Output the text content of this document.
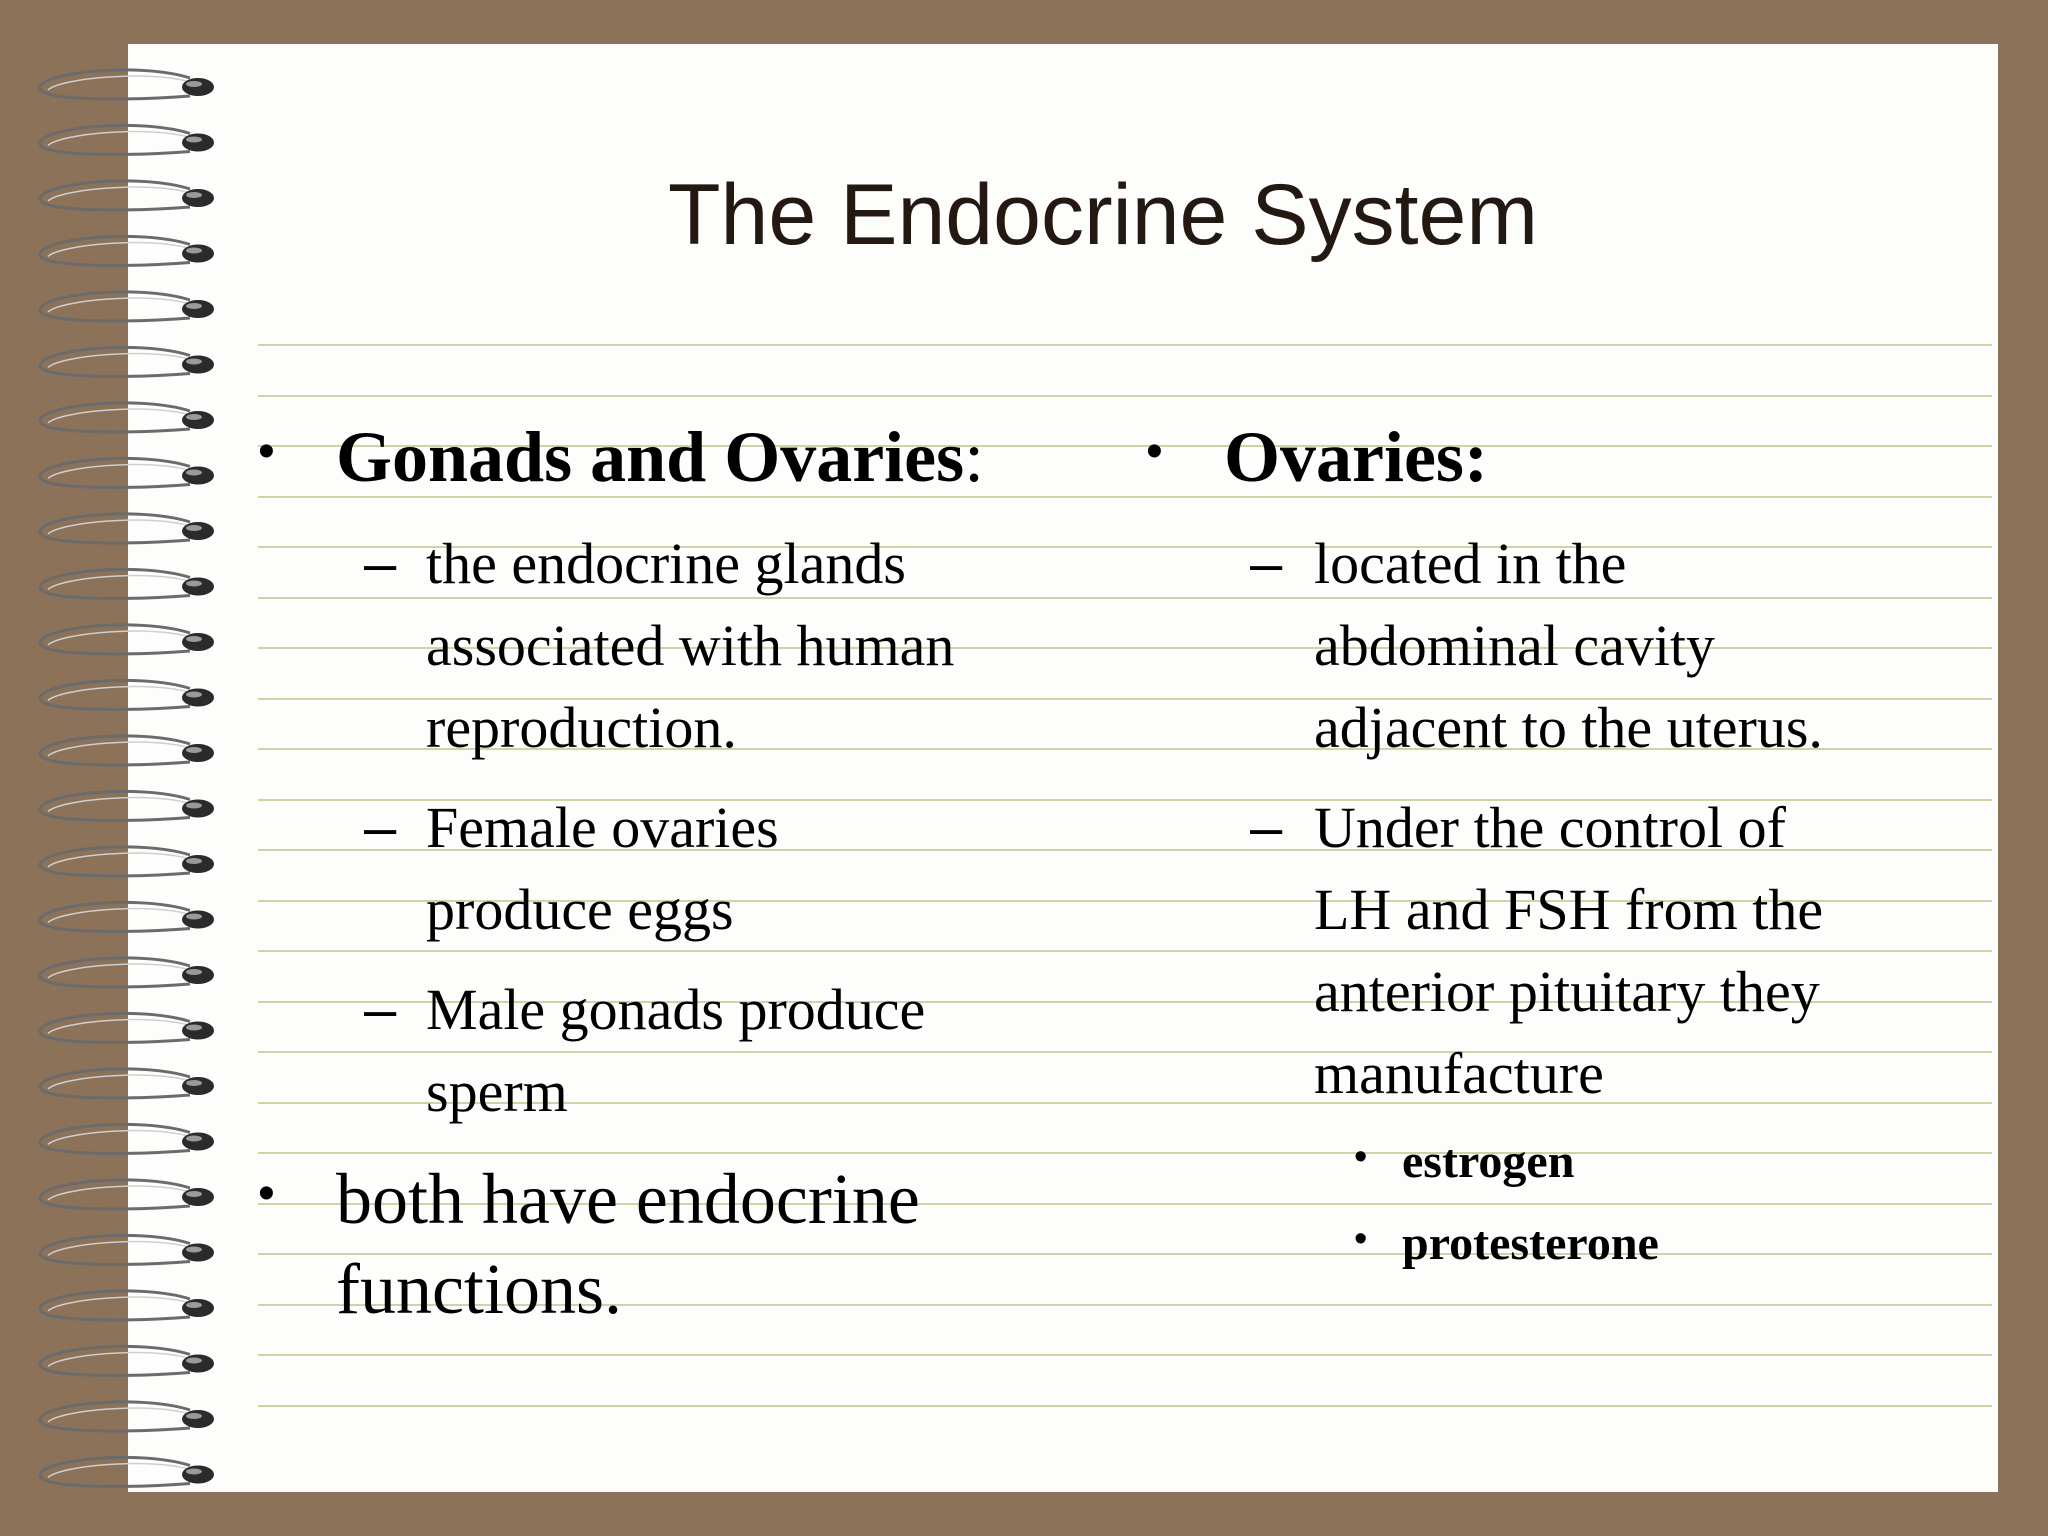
The Endocrine System
• Gonads and Ovaries:
– the endocrine glands
associated with human
reproduction.
– Female ovaries
produce eggs
– Male gonads produce
sperm
• both have endocrine
functions.
• Ovaries:
– located in the
abdominal cavity
adjacent to the uterus.
– Under the control of
LH and FSH from the
anterior pituitary they
manufacture
• estrogen
• protesterone
